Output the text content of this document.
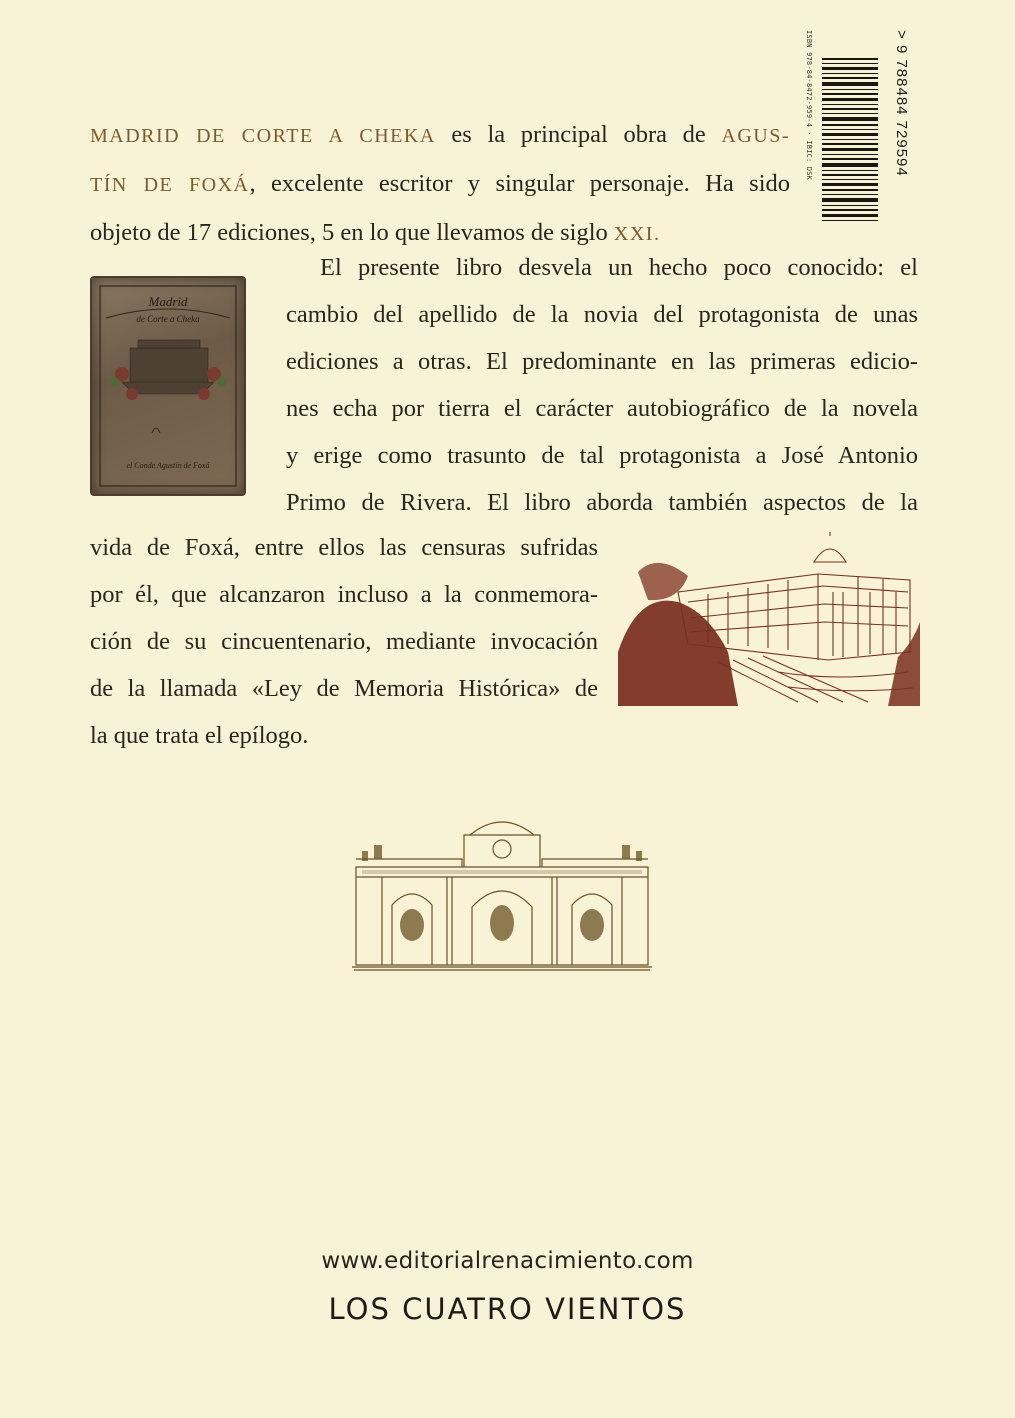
ISBN 978-84-8472-959-4 · IBIC: DSK	> 9 788484 729594
MADRID DE CORTE A CHEKA es la principal obra de AGUS-
TÍN DE FOXÁ, excelente escritor y singular personaje. Ha sido
objeto de 17 ediciones, 5 en lo que llevamos de siglo XXI.
Madrid
de Corte a Cheka
el Conde Agustín de Foxá
El presente libro desvela un hecho poco conocido: el
cambio del apellido de la novia del protagonista de unas
ediciones a otras. El predominante en las primeras edicio-
nes echa por tierra el carácter autobiográfico de la novela
y erige como trasunto de tal protagonista a José Antonio
Primo de Rivera. El libro aborda también aspectos de la
vida de Foxá, entre ellos las censuras sufridas
por él, que alcanzaron incluso a la conmemora-
ción de su cincuentenario, mediante invocación
de la llamada «Ley de Memoria Histórica» de
la que trata el epílogo.
www.editorialrenacimiento.com
LOS CUATRO VIENTOS
